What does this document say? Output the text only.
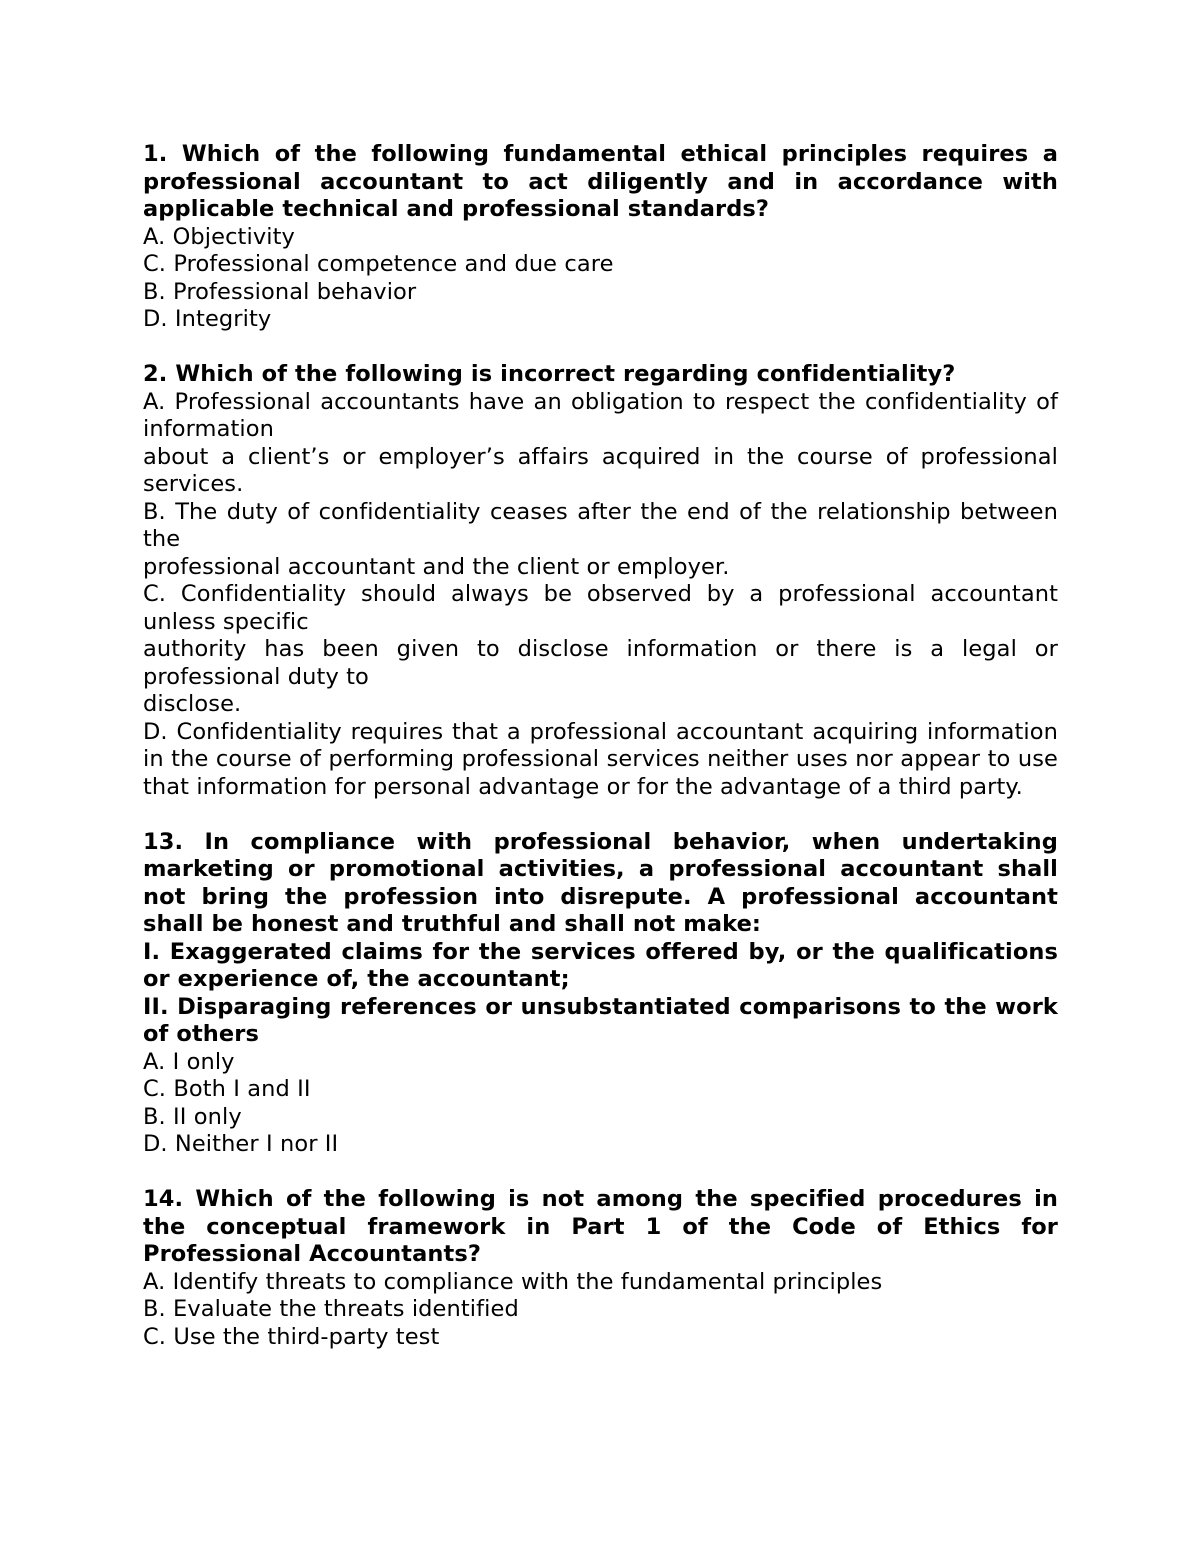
1. Which of the following fundamental ethical principles requires a professional accountant to act diligently and in accordance with applicable technical and professional standards?

A. Objectivity

C. Professional competence and due care

B. Professional behavior

D. Integrity

2. Which of the following is incorrect regarding confidentiality?

A. Professional accountants have an obligation to respect the confidentiality of information

about a client’s or employer’s affairs acquired in the course of professional services.

B. The duty of confidentiality ceases after the end of the relationship between the

professional accountant and the client or employer.

C. Confidentiality should always be observed by a professional accountant unless specific

authority has been given to disclose information or there is a legal or professional duty to

disclose.

D. Confidentiality requires that a professional accountant acquiring information in the course of performing professional services neither uses nor appear to use that information for personal advantage or for the advantage of a third party.

13. In compliance with professional behavior, when undertaking marketing or promotional activities, a professional accountant shall not bring the profession into disrepute. A professional accountant shall be honest and truthful and shall not make:

I. Exaggerated claims for the services offered by, or the qualifications or experience of, the accountant;

II. Disparaging references or unsubstantiated comparisons to the work of others

A. I only

C. Both I and II

B. II only

D. Neither I nor II

14. Which of the following is not among the specified procedures in the conceptual framework in Part 1 of the Code of Ethics for Professional Accountants?

A. Identify threats to compliance with the fundamental principles

B. Evaluate the threats identified

C. Use the third-party test
